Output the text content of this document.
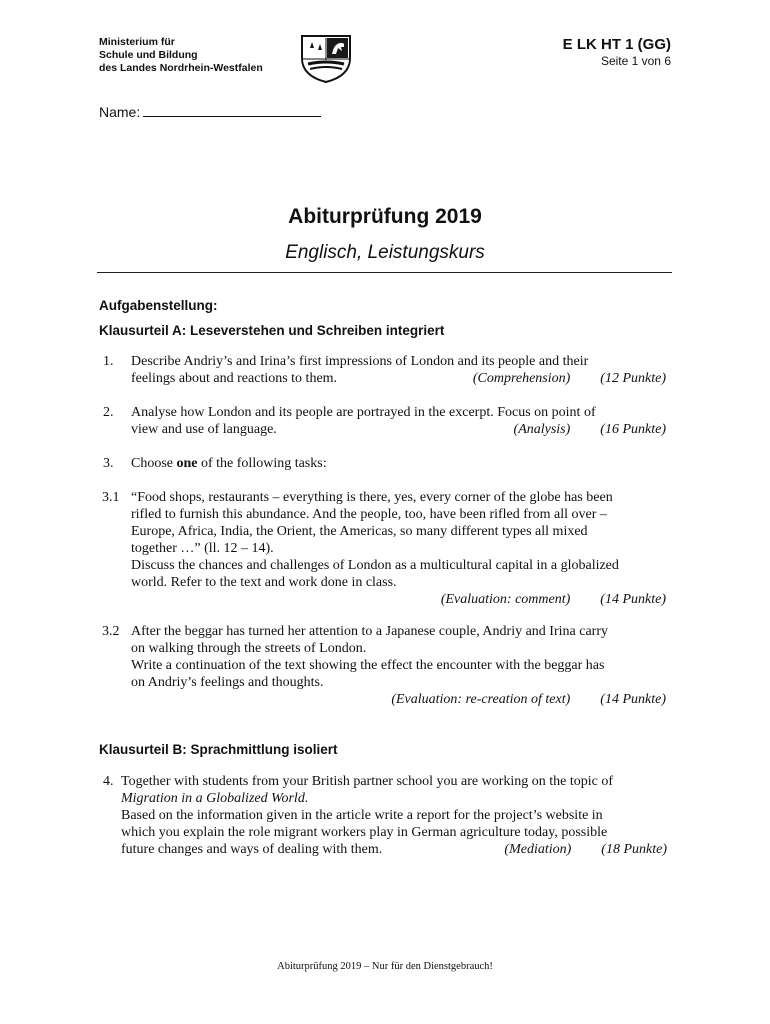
Ministerium für
Schule und Bildung
des Landes Nordrhein-Westfalen
E LK HT 1 (GG)
Seite 1 von 6
Name:
Abiturprüfung 2019
Englisch, Leistungskurs
Aufgabenstellung:
Klausurteil A: Leseverstehen und Schreiben integriert
1.	Describe Andriy’s and Irina’s first impressions of London and its people and their
feelings about and reactions to them.	(Comprehension) (12 Punkte)
2.	Analyse how London and its people are portrayed in the excerpt. Focus on point of
view and use of language.	(Analysis) (16 Punkte)
3.	Choose one of the following tasks:
3.1 “Food shops, restaurants – everything is there, yes, every corner of the globe has been
rifled to furnish this abundance. And the people, too, have been rifled from all over –
Europe, Africa, India, the Orient, the Americas, so many different types all mixed
together …” (ll. 12 – 14).
Discuss the chances and challenges of London as a multicultural capital in a globalized
world. Refer to the text and work done in class.
(Evaluation: comment) (14 Punkte)
3.2 After the beggar has turned her attention to a Japanese couple, Andriy and Irina carry
on walking through the streets of London.
Write a continuation of the text showing the effect the encounter with the beggar has
on Andriy’s feelings and thoughts.
(Evaluation: re-creation of text) (14 Punkte)
Klausurteil B: Sprachmittlung isoliert
4. Together with students from your British partner school you are working on the topic of
Migration in a Globalized World.
Based on the information given in the article write a report for the project’s website in
which you explain the role migrant workers play in German agriculture today, possible
future changes and ways of dealing with them.	(Mediation) (18 Punkte)
Abiturprüfung 2019 – Nur für den Dienstgebrauch!
